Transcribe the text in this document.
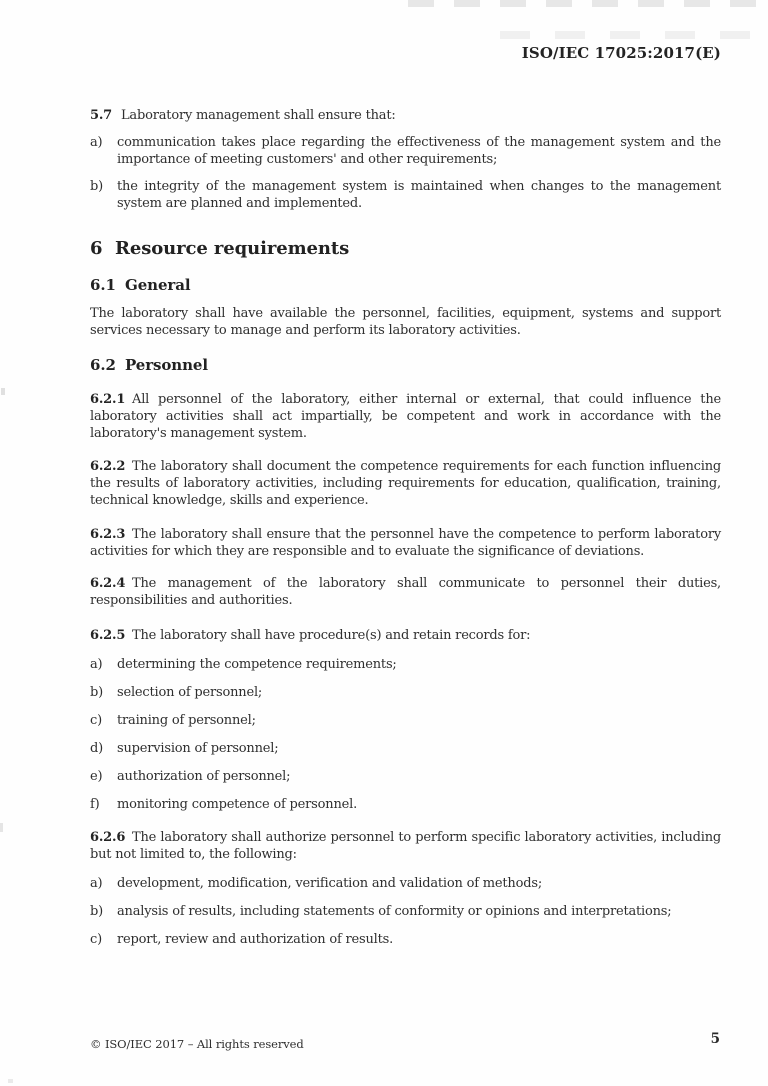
ISO/IEC 17025:2017(E)
5.7 Laboratory management shall ensure that:
a) communication takes place regarding the effectiveness of the management system and the importance of meeting customers' and other requirements;
b) the integrity of the management system is maintained when changes to the management system are planned and implemented.
6 Resource requirements
6.1 General
The laboratory shall have available the personnel, facilities, equipment, systems and support services necessary to manage and perform its laboratory activities.
6.2 Personnel
6.2.1 All personnel of the laboratory, either internal or external, that could influence the laboratory activities shall act impartially, be competent and work in accordance with the laboratory's management system.
6.2.2 The laboratory shall document the competence requirements for each function influencing the results of laboratory activities, including requirements for education, qualification, training, technical knowledge, skills and experience.
6.2.3 The laboratory shall ensure that the personnel have the competence to perform laboratory activities for which they are responsible and to evaluate the significance of deviations.
6.2.4 The management of the laboratory shall communicate to personnel their duties, responsibilities and authorities.
6.2.5 The laboratory shall have procedure(s) and retain records for:
a) determining the competence requirements;
b) selection of personnel;
c) training of personnel;
d) supervision of personnel;
e) authorization of personnel;
f) monitoring competence of personnel.
6.2.6 The laboratory shall authorize personnel to perform specific laboratory activities, including but not limited to, the following:
a) development, modification, verification and validation of methods;
b) analysis of results, including statements of conformity or opinions and interpretations;
c) report, review and authorization of results.
© ISO/IEC 2017 – All rights reserved	5
